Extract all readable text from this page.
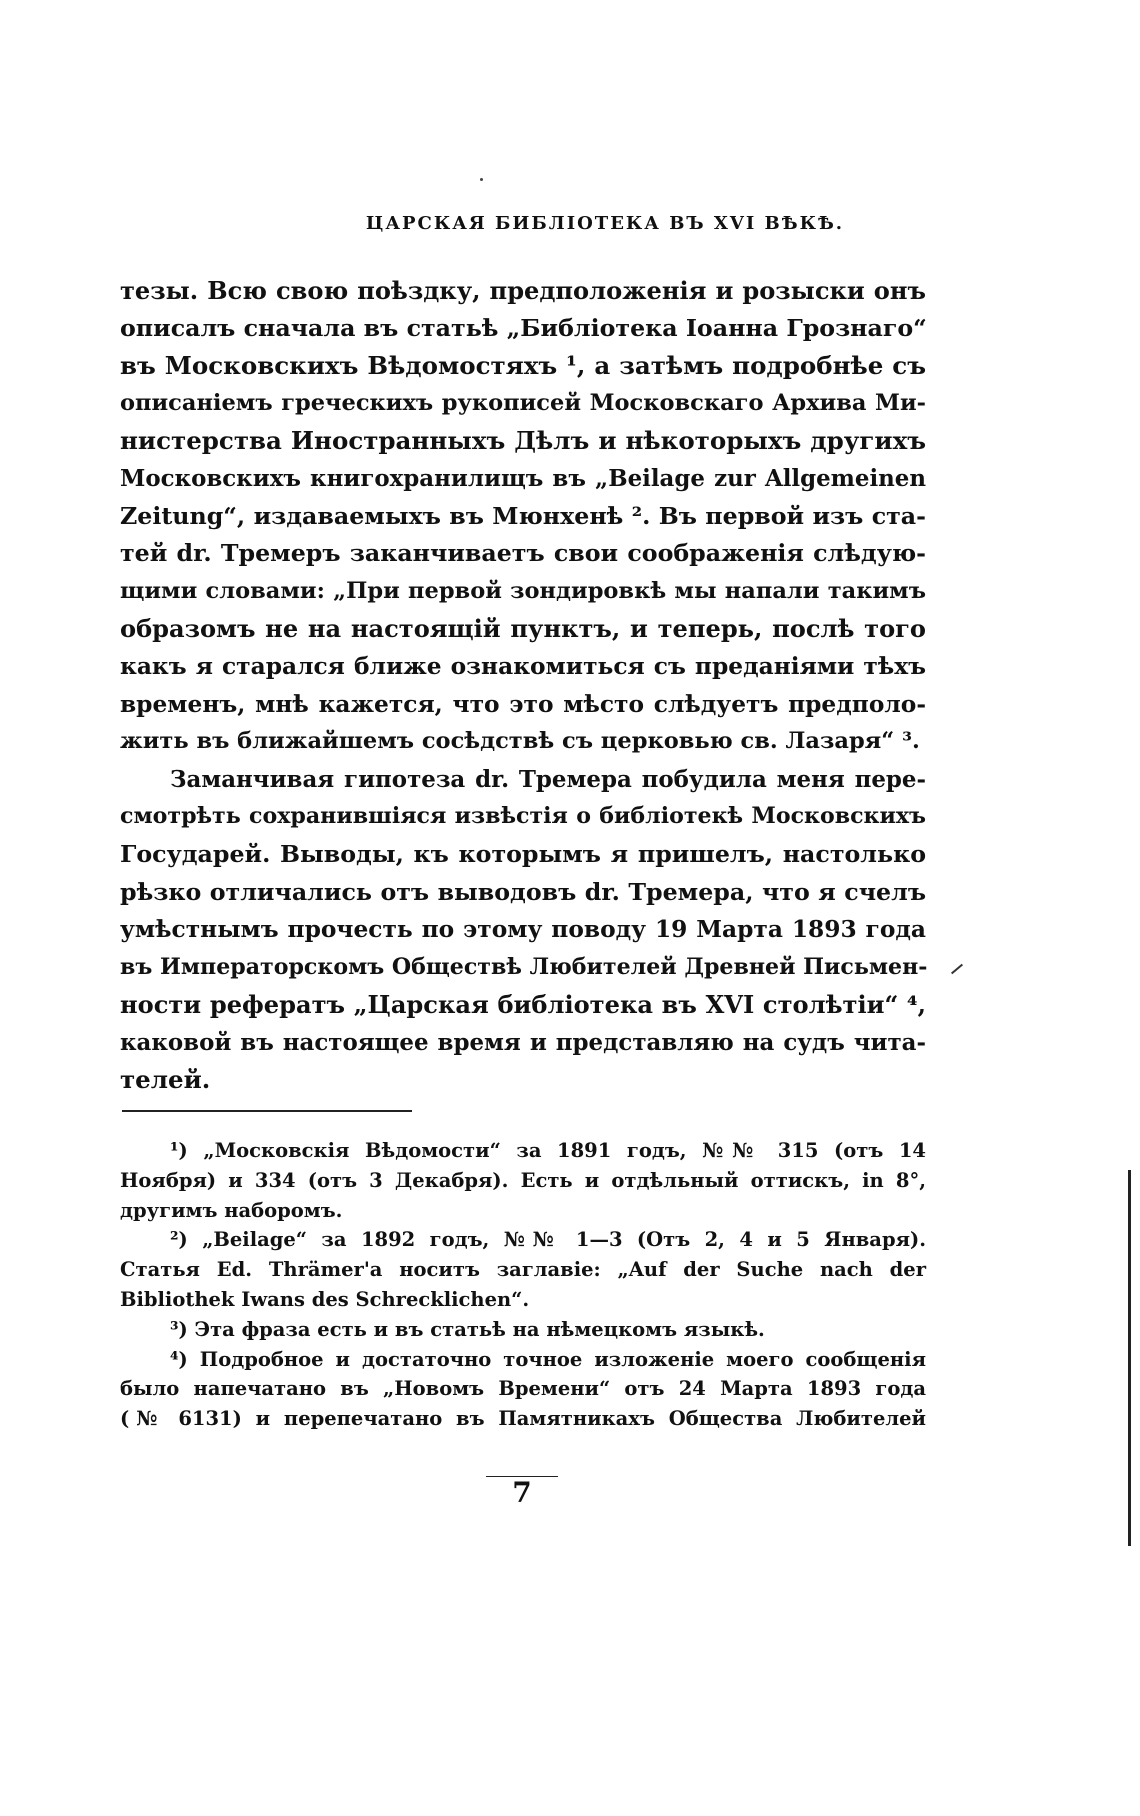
ЦАРСКАЯ БИБЛІОТЕКА ВЪ XVI ВѢКѢ.
тезы. Всю свою поѣздку, предположенія и розыски онъ
описалъ сначала въ статьѣ „Библіотека Іоанна Грознаго“
въ Московскихъ Вѣдомостяхъ ¹, а затѣмъ подробнѣе съ
описаніемъ греческихъ рукописей Московскаго Архива Ми-
нистерства Иностранныхъ Дѣлъ и нѣкоторыхъ другихъ
Московскихъ книгохранилищъ въ „Beilage zur Allgemeinen
Zeitung“, издаваемыхъ въ Мюнхенѣ ². Въ первой изъ ста-
тей dr. Тремеръ заканчиваетъ свои соображенія слѣдую-
щими словами: „При первой зондировкѣ мы напали такимъ
образомъ не на настоящій пунктъ, и теперь, послѣ того
какъ я старался ближе ознакомиться съ преданіями тѣхъ
временъ, мнѣ кажется, что это мѣсто слѣдуетъ предполо-
жить въ ближайшемъ сосѣдствѣ съ церковью св. Лазаря“ ³.
Заманчивая гипотеза dr. Тремера побудила меня пере-
смотрѣть сохранившіяся извѣстія о библіотекѣ Московскихъ
Государей. Выводы, къ которымъ я пришелъ, настолько
рѣзко отличались отъ выводовъ dr. Тремера, что я счелъ
умѣстнымъ прочесть по этому поводу 19 Марта 1893 года
въ Императорскомъ Обществѣ Любителей Древней Письмен-
ности рефератъ „Царская библіотека въ XVI столѣтіи“ ⁴,
каковой въ настоящее время и представляю на судъ чита-
телей.
¹) „Московскія Вѣдомости“ за 1891 годъ, №№ 315 (отъ 14
Ноября) и 334 (отъ 3 Декабря). Есть и отдѣльный оттискъ, in 8°,
другимъ наборомъ.
²) „Beilage“ за 1892 годъ, №№ 1—3 (Отъ 2, 4 и 5 Января).
Статья Ed. Thrämer'a носитъ заглавіе: „Auf der Suche nach der
Bibliothek Iwans des Schrecklichen“.
³) Эта фраза есть и въ статьѣ на нѣмецкомъ языкѣ.
⁴) Подробное и достаточно точное изложеніе моего сообщенія
было напечатано въ „Новомъ Времени“ отъ 24 Марта 1893 года
(№ 6131) и перепечатано въ Памятникахъ Общества Любителей
7
